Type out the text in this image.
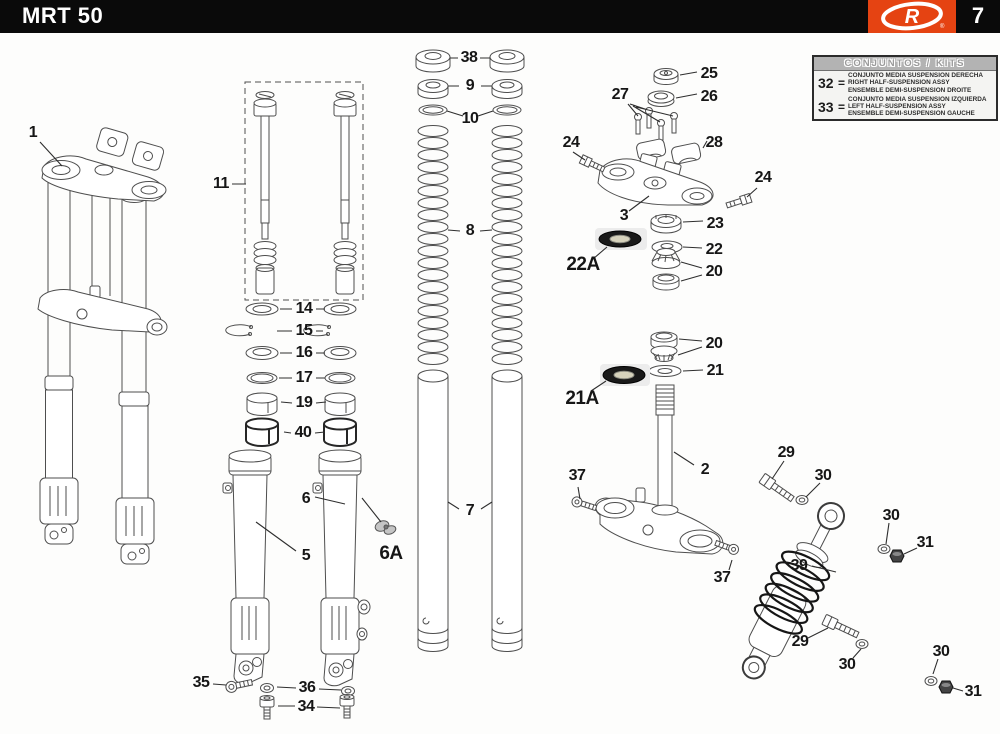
MRT 50	R	®	7
CONJUNTOS / KITS
32 =
CONJUNTO MEDIA SUSPENSION DERECHA
RIGHT HALF-SUSPENSION ASSY
ENSEMBLE DEMI-SUSPENSION DROITE
33 =
CONJUNTO MEDIA SUSPENSION IZQUIERDA
LEFT HALF-SUSPENSION ASSY
ENSEMBLE DEMI-SUSPENSION GAUCHE
1
11
38
9
10
8
7
14
15
16
17
19
40
6
5	6A
35	36
34
25
26
27
28
24
24
3	23
22
22A	20
20
21
21A
2
37
37
29
30
30
31
39
29
30
30
31
